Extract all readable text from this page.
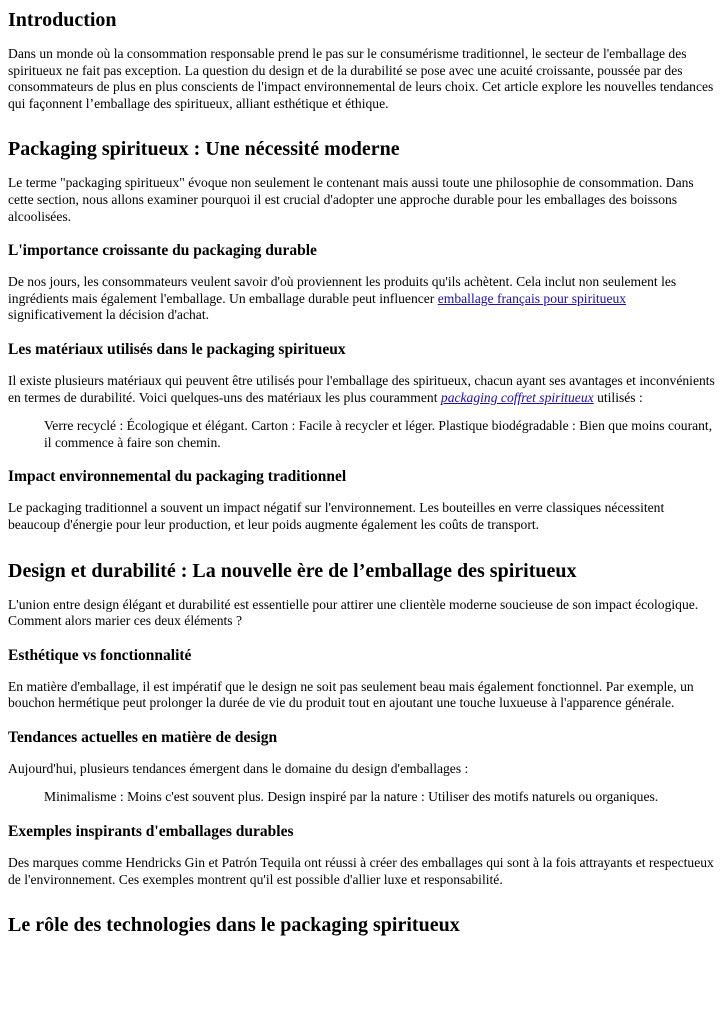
Introduction

Dans un monde où la consommation responsable prend le pas sur le consumérisme traditionnel, le secteur de l'emballage des spiritueux ne fait pas exception. La question du design et de la durabilité se pose avec une acuité croissante, poussée par des consommateurs de plus en plus conscients de l'impact environnemental de leurs choix. Cet article explore les nouvelles tendances qui façonnent l’emballage des spiritueux, alliant esthétique et éthique.

Packaging spiritueux : Une nécessité moderne

Le terme "packaging spiritueux" évoque non seulement le contenant mais aussi toute une philosophie de consommation. Dans cette section, nous allons examiner pourquoi il est crucial d'adopter une approche durable pour les emballages des boissons alcoolisées.

L'importance croissante du packaging durable

De nos jours, les consommateurs veulent savoir d'où proviennent les produits qu'ils achètent. Cela inclut non seulement les ingrédients mais également l'emballage. Un emballage durable peut influencer emballage français pour spiritueux significativement la décision d'achat.

Les matériaux utilisés dans le packaging spiritueux

Il existe plusieurs matériaux qui peuvent être utilisés pour l'emballage des spiritueux, chacun ayant ses avantages et inconvénients en termes de durabilité. Voici quelques-uns des matériaux les plus couramment packaging coffret spiritueux utilisés :

Verre recyclé : Écologique et élégant. Carton : Facile à recycler et léger. Plastique biodégradable : Bien que moins courant, il commence à faire son chemin.
Impact environnemental du packaging traditionnel

Le packaging traditionnel a souvent un impact négatif sur l'environnement. Les bouteilles en verre classiques nécessitent beaucoup d'énergie pour leur production, et leur poids augmente également les coûts de transport.

Design et durabilité : La nouvelle ère de l’emballage des spiritueux

L'union entre design élégant et durabilité est essentielle pour attirer une clientèle moderne soucieuse de son impact écologique. Comment alors marier ces deux éléments ?

Esthétique vs fonctionnalité

En matière d'emballage, il est impératif que le design ne soit pas seulement beau mais également fonctionnel. Par exemple, un bouchon hermétique peut prolonger la durée de vie du produit tout en ajoutant une touche luxueuse à l'apparence générale.

Tendances actuelles en matière de design

Aujourd'hui, plusieurs tendances émergent dans le domaine du design d'emballages :

Minimalisme : Moins c'est souvent plus. Design inspiré par la nature : Utiliser des motifs naturels ou organiques.
Exemples inspirants d'emballages durables

Des marques comme Hendricks Gin et Patrón Tequila ont réussi à créer des emballages qui sont à la fois attrayants et respectueux de l'environnement. Ces exemples montrent qu'il est possible d'allier luxe et responsabilité.

Le rôle des technologies dans le packaging spiritueux
